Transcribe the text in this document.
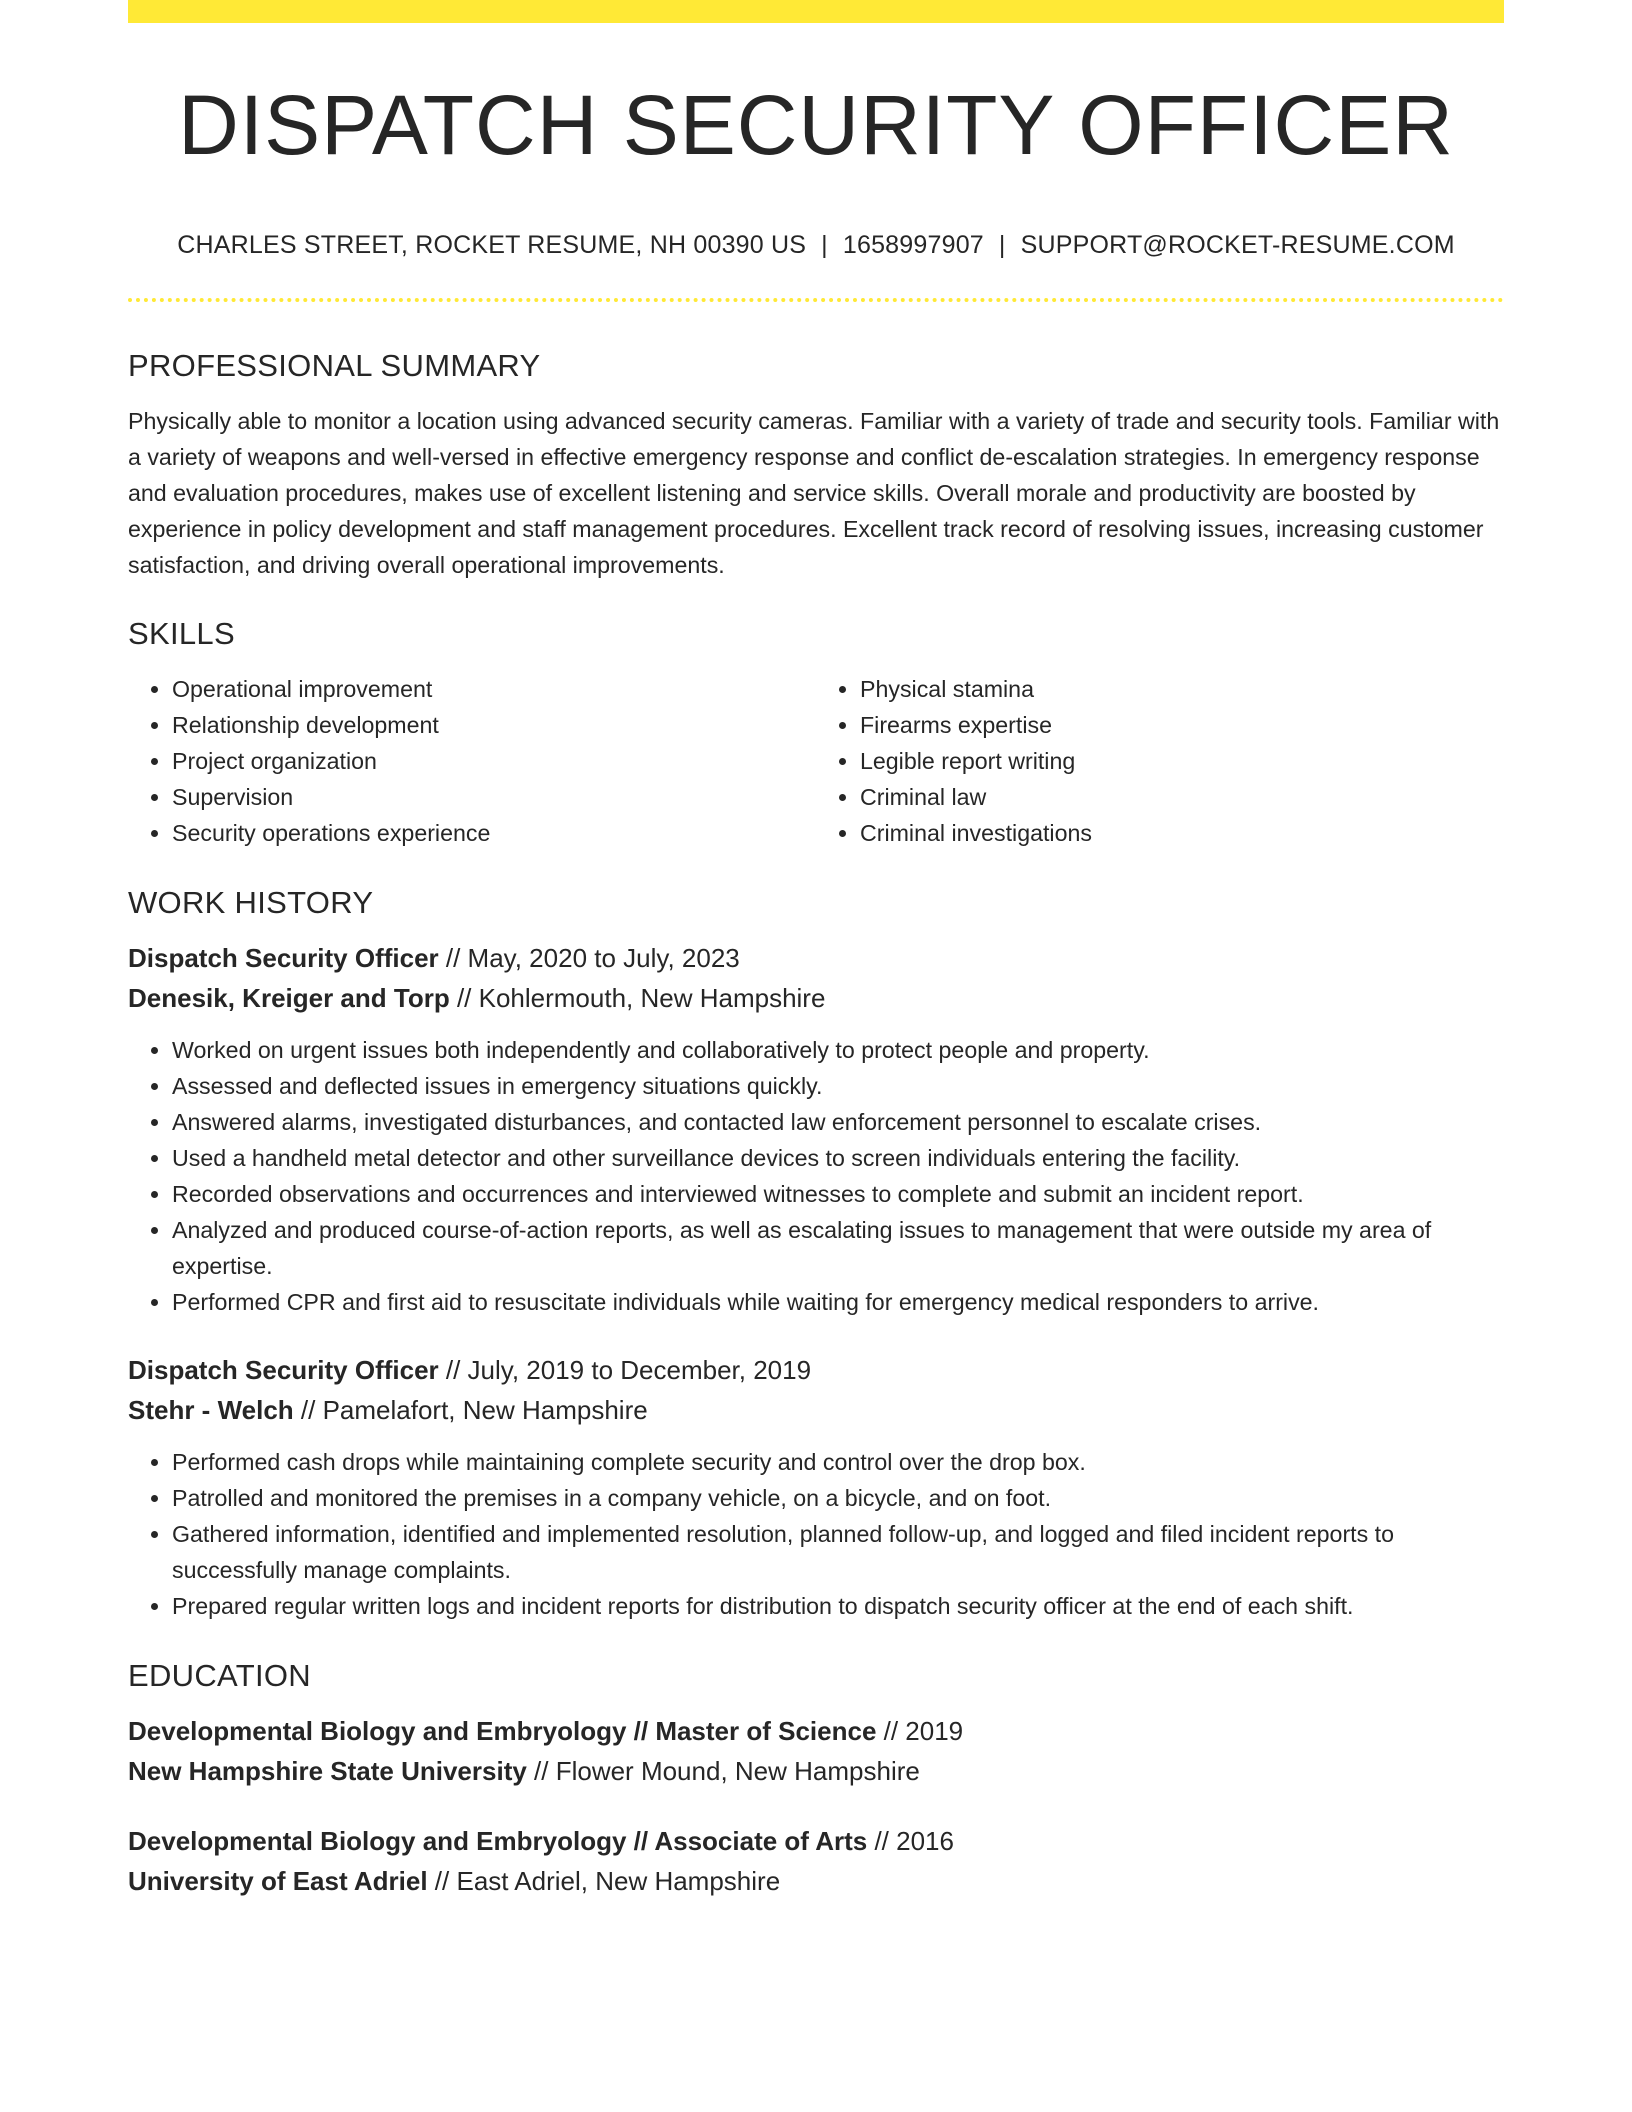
DISPATCH SECURITY OFFICER
CHARLES STREET, ROCKET RESUME, NH 00390 US | 1658997907 | SUPPORT@ROCKET-RESUME.COM
PROFESSIONAL SUMMARY

Physically able to monitor a location using advanced security cameras. Familiar with a variety of trade and security tools. Familiar with a variety of weapons and well-versed in effective emergency response and conflict de-escalation strategies. In emergency response and evaluation procedures, makes use of excellent listening and service skills. Overall morale and productivity are boosted by experience in policy development and staff management procedures. Excellent track record of resolving issues, increasing customer satisfaction, and driving overall operational improvements.

SKILLS
• Operational improvement
• Relationship development
• Project organization
• Supervision
• Security operations experience
• Physical stamina
• Firearms expertise
• Legible report writing
• Criminal law
• Criminal investigations
WORK HISTORY
Dispatch Security Officer // May, 2020 to July, 2023
Denesik, Kreiger and Torp // Kohlermouth, New Hampshire
• Worked on urgent issues both independently and collaboratively to protect people and property.
• Assessed and deflected issues in emergency situations quickly.
• Answered alarms, investigated disturbances, and contacted law enforcement personnel to escalate crises.
• Used a handheld metal detector and other surveillance devices to screen individuals entering the facility.
• Recorded observations and occurrences and interviewed witnesses to complete and submit an incident report.
• Analyzed and produced course-of-action reports, as well as escalating issues to management that were outside my area of expertise.
• Performed CPR and first aid to resuscitate individuals while waiting for emergency medical responders to arrive.
Dispatch Security Officer // July, 2019 to December, 2019
Stehr - Welch // Pamelafort, New Hampshire
• Performed cash drops while maintaining complete security and control over the drop box.
• Patrolled and monitored the premises in a company vehicle, on a bicycle, and on foot.
• Gathered information, identified and implemented resolution, planned follow-up, and logged and filed incident reports to successfully manage complaints.
• Prepared regular written logs and incident reports for distribution to dispatch security officer at the end of each shift.
EDUCATION
Developmental Biology and Embryology // Master of Science // 2019
New Hampshire State University // Flower Mound, New Hampshire
Developmental Biology and Embryology // Associate of Arts // 2016
University of East Adriel // East Adriel, New Hampshire
